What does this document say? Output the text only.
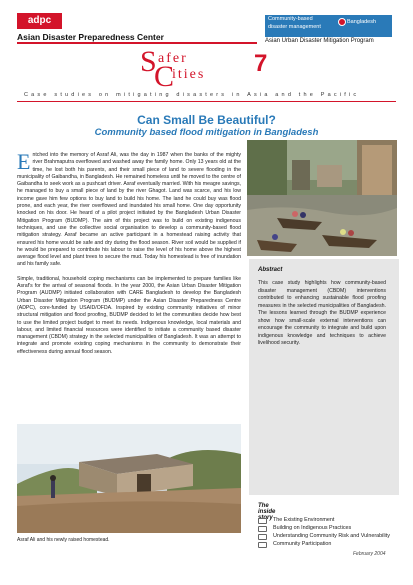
adpc
Asian Disaster Preparedness Center
Community-based
disaster management
Bangladesh
Asian Urban Disaster Mitigation Program
S afer
C
ities 7
Case studies on mitigating disasters in Asia and the Pacific
Can Small Be Beautiful?
Community based flood mitigation in Bangladesh

Entched into the memory of Asraf Ali, was the day in 1987 when the banks of the mighty river Brahmaputra overflowed and washed away the family home. Only 13 years old at the time, he lost both his parents, and their small piece of land to severe flooding in the municipality of Gaibandha, in Bangladesh. He remained homeless until he moved to the centre of Gaibandha to seek work as a pushcart driver. Asraf eventually married. With his meagre savings, he managed to buy a small piece of land by the river Ghagot. Land was scarce, and his low income gave him few options to buy land to build his home. The land he could buy was flood prone, and each year, the river overflowed and inundated his small home. One day opportunity knocked on his door. He heard of a pilot project initiated by the Bangladesh Urban Disaster Mitigation Program (BUDMP). The aim of this project was to build on existing indigenous techniques, and use the collective social organisation to develop a community-based flood mitigation strategy. Asraf became an active participant in a homestead raising activity that ensured his home would be safe and dry during the flood season. River soil would be supplied if he would be prepared to contribute his labour to raise the level of his home above the highest average flood level and plant trees to secure the mud. Today his homestead is free of inundation and his family safe.

Simple, traditional, household coping mechanisms can be implemented to prepare families like Asraf's for the arrival of seasonal floods. In the year 2000, the Asian Urban Disaster Mitigation Program (AUDMP) initiated collaboration with CARE Bangladesh to develop the Bangladesh Urban Disaster Mitigation Program (BUDMP) under the Asian Disaster Preparedness Centre (ADPC), core-funded by USAID/OFDA. Inspired by existing community initiatives of minor structural mitigation and flood proofing, BUDMP decided to let the communities decide how best to use the limited project budget to meet its needs. Indigenous knowledge, local materials and labour, and limited financial resources were identified to initiate a community based disaster management (CBDM) strategy in the selected municipalities of Bangladesh. It was an attempt to integrate and promote existing coping mechanisms in the community to demonstrate their effectiveness during annual flood season.

Abstract
This case study highlights how community-based disaster management (CBDM) interventions contributed to enhancing sustainable flood proofing measures in the selected municipalities of Bangladesh. The lessons learned through the BUDMP experience show how small-scale external interventions can encourage the community to integrate and build upon indigenous knowledge and techniques to achieve livelihood security.
The inside story The Existing Environment
Building on Indigenous Practices
Understanding Community Risk and Vulnerability
Community Participation
Asraf Ali and his newly raised homestead.
February 2004
